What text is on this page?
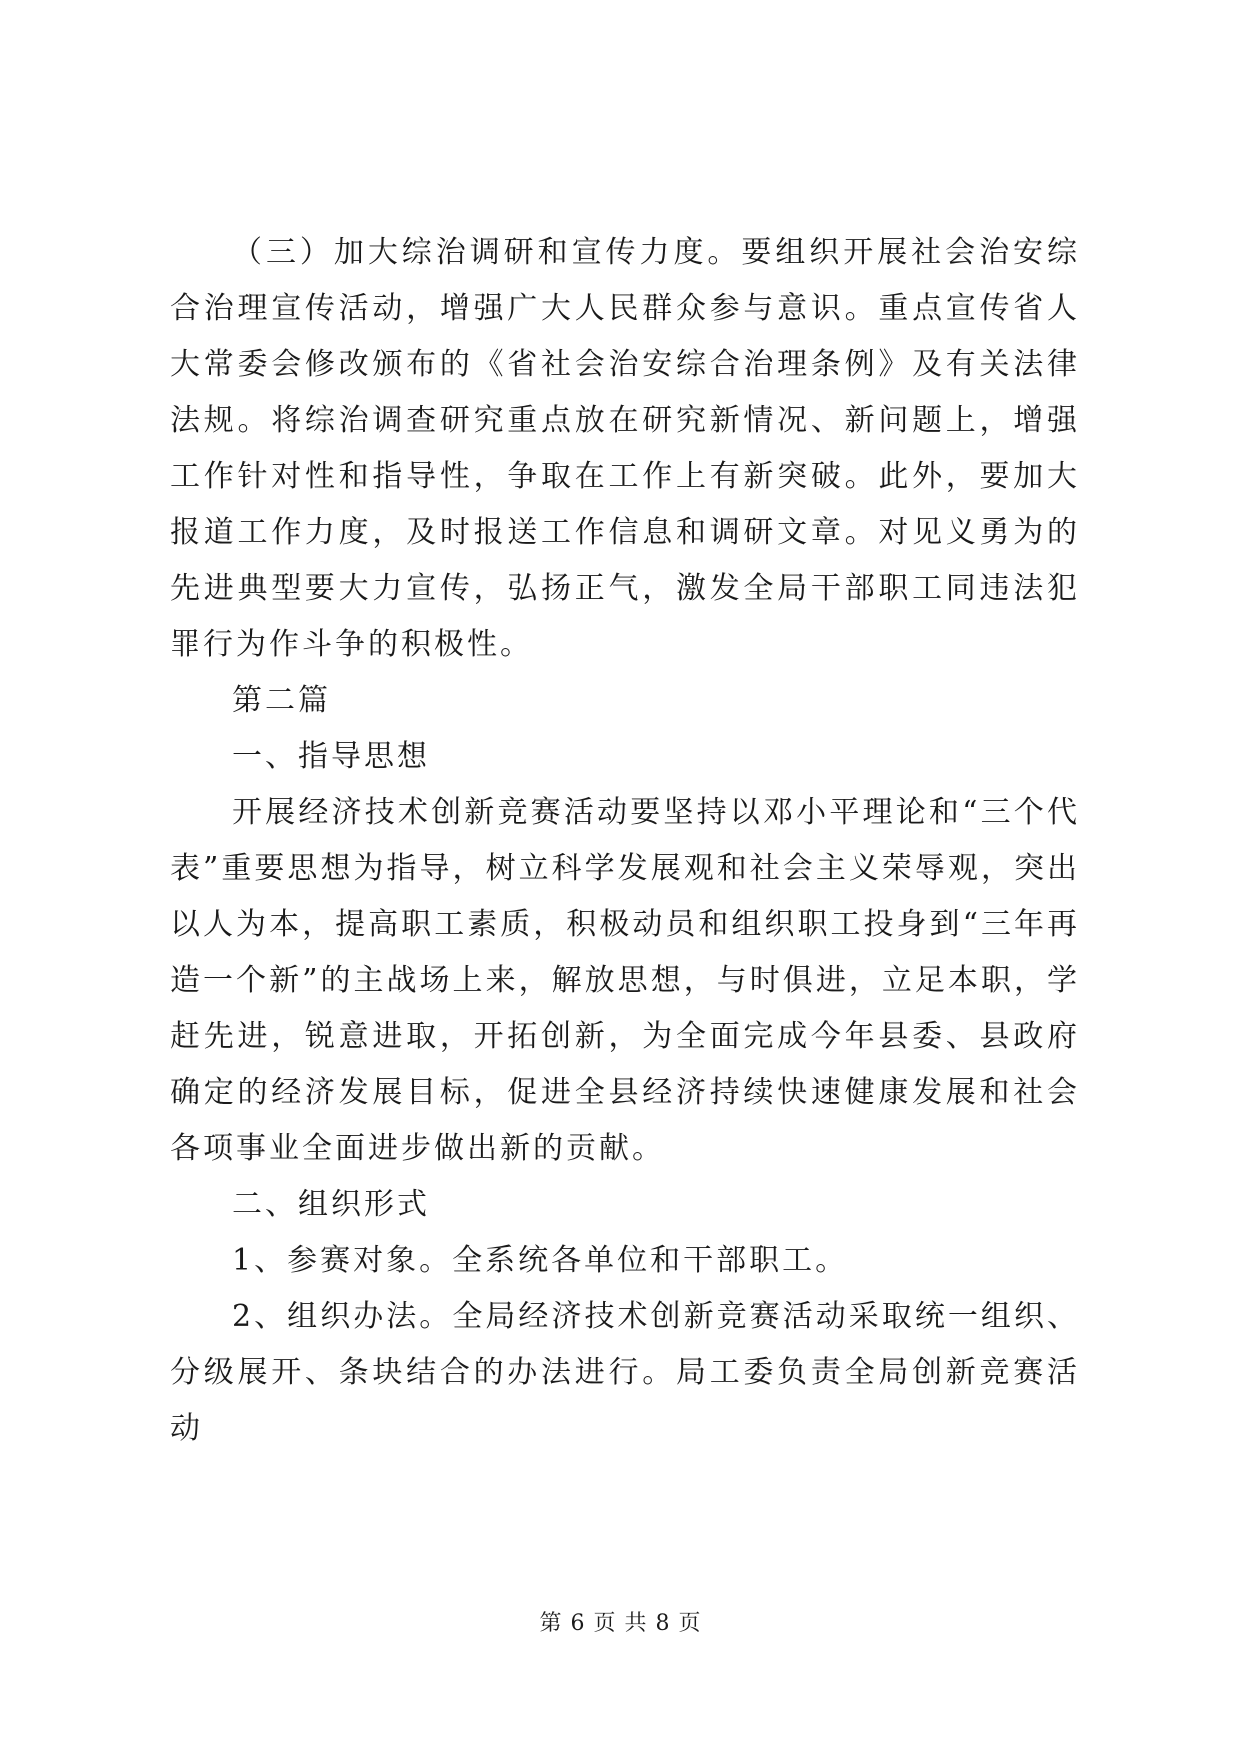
（三）加大综治调研和宣传力度。要组织开展社会治安综合治理宣传活动，增强广大人民群众参与意识。重点宣传省人大常委会修改颁布的《省社会治安综合治理条例》及有关法律法规。将综治调查研究重点放在研究新情况、新问题上，增强工作针对性和指导性，争取在工作上有新突破。此外，要加大报道工作力度，及时报送工作信息和调研文章。对见义勇为的先进典型要大力宣传，弘扬正气，激发全局干部职工同违法犯罪行为作斗争的积极性。

第二篇

一、指导思想

开展经济技术创新竞赛活动要坚持以邓小平理论和“三个代表”重要思想为指导，树立科学发展观和社会主义荣辱观，突出以人为本，提高职工素质，积极动员和组织职工投身到“三年再造一个新”的主战场上来，解放思想，与时俱进，立足本职，学赶先进，锐意进取，开拓创新，为全面完成今年县委、县政府确定的经济发展目标，促进全县经济持续快速健康发展和社会各项事业全面进步做出新的贡献。

二、组织形式

1、参赛对象。全系统各单位和干部职工。

2、组织办法。全局经济技术创新竞赛活动采取统一组织、分级展开、条块结合的办法进行。局工委负责全局创新竞赛活动

第 6 页 共 8 页
